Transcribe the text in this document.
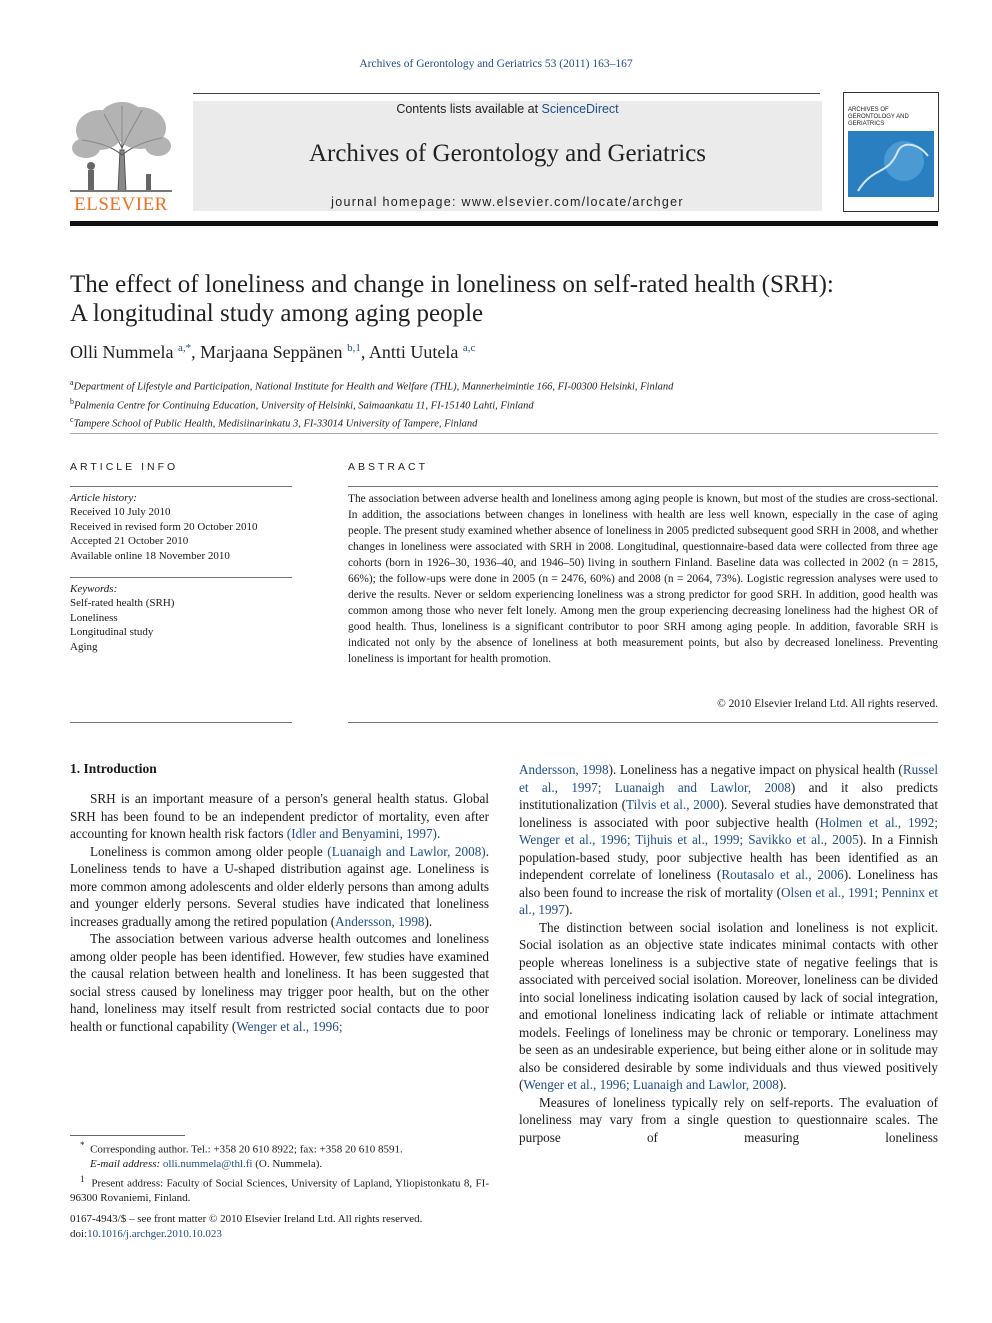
Archives of Gerontology and Geriatrics 53 (2011) 163–167
ELSEVIER
Contents lists available at ScienceDirect
Archives of Gerontology and Geriatrics
journal homepage: www.elsevier.com/locate/archger
ARCHIVES OF GERONTOLOGY AND GERIATRICS
The effect of loneliness and change in loneliness on self-rated health (SRH):
A longitudinal study among aging people
Olli Nummela $^{a,*}$, Marjaana Seppänen $^{b,1}$, Antti Uutela $^{a,c}$
$^a$Department of Lifestyle and Participation, National Institute for Health and Welfare (THL), Mannerheimintie 166, FI-00300 Helsinki, Finland
$^b$Palmenia Centre for Continuing Education, University of Helsinki, Saimaankatu 11, FI-15140 Lahti, Finland
$^c$Tampere School of Public Health, Medisiinarinkatu 3, FI-33014 University of Tampere, Finland
ARTICLE INFO
Article history:
Received 10 July 2010
Received in revised form 20 October 2010
Accepted 21 October 2010
Available online 18 November 2010
Keywords:
Self-rated health (SRH)
Loneliness
Longitudinal study
Aging
ABSTRACT
The association between adverse health and loneliness among aging people is known, but most of the studies are cross-sectional. In addition, the associations between changes in loneliness with health are less well known, especially in the case of aging people. The present study examined whether absence of loneliness in 2005 predicted subsequent good SRH in 2008, and whether changes in loneliness were associated with SRH in 2008. Longitudinal, questionnaire-based data were collected from three age cohorts (born in 1926–30, 1936–40, and 1946–50) living in southern Finland. Baseline data was collected in 2002 (n = 2815, 66%); the follow-ups were done in 2005 (n = 2476, 60%) and 2008 (n = 2064, 73%). Logistic regression analyses were used to derive the results. Never or seldom experiencing loneliness was a strong predictor for good SRH. In addition, good health was common among those who never felt lonely. Among men the group experiencing decreasing loneliness had the highest OR of good health. Thus, loneliness is a significant contributor to poor SRH among aging people. In addition, favorable SRH is indicated not only by the absence of loneliness at both measurement points, but also by decreased loneliness. Preventing loneliness is important for health promotion.
© 2010 Elsevier Ireland Ltd. All rights reserved.
1. Introduction

SRH is an important measure of a person's general health status. Global SRH has been found to be an independent predictor of mortality, even after accounting for known health risk factors (Idler and Benyamini, 1997).

Loneliness is common among older people (Luanaigh and Lawlor, 2008). Loneliness tends to have a U-shaped distribution against age. Loneliness is more common among adolescents and older elderly persons than among adults and younger elderly persons. Several studies have indicated that loneliness increases gradually among the retired population (Andersson, 1998).

The association between various adverse health outcomes and loneliness among older people has been identified. However, few studies have examined the causal relation between health and loneliness. It has been suggested that social stress caused by loneliness may trigger poor health, but on the other hand, loneliness may itself result from restricted social contacts due to poor health or functional capability (Wenger et al., 1996;

Andersson, 1998). Loneliness has a negative impact on physical health (Russel et al., 1997; Luanaigh and Lawlor, 2008) and it also predicts institutionalization (Tilvis et al., 2000). Several studies have demonstrated that loneliness is associated with poor subjective health (Holmen et al., 1992; Wenger et al., 1996; Tijhuis et al., 1999; Savikko et al., 2005). In a Finnish population-based study, poor subjective health has been identified as an independent correlate of loneliness (Routasalo et al., 2006). Loneliness has also been found to increase the risk of mortality (Olsen et al., 1991; Penninx et al., 1997).

The distinction between social isolation and loneliness is not explicit. Social isolation as an objective state indicates minimal contacts with other people whereas loneliness is a subjective state of negative feelings that is associated with perceived social isolation. Moreover, loneliness can be divided into social loneliness indicating isolation caused by lack of social integration, and emotional loneliness indicating lack of reliable or intimate attachment models. Feelings of loneliness may be chronic or temporary. Loneliness may be seen as an undesirable experience, but being either alone or in solitude may also be considered desirable by some individuals and thus viewed positively (Wenger et al., 1996; Luanaigh and Lawlor, 2008).

Measures of loneliness typically rely on self-reports. The evaluation of loneliness may vary from a single question to questionnaire scales. The purpose of measuring loneliness

* Corresponding author. Tel.: +358 20 610 8922; fax: +358 20 610 8591.
E-mail address: olli.nummela@thl.fi (O. Nummela).
$^1$ Present address: Faculty of Social Sciences, University of Lapland, Yliopistonkatu 8, FI-96300 Rovaniemi, Finland.
0167-4943/$ – see front matter © 2010 Elsevier Ireland Ltd. All rights reserved.
doi:10.1016/j.archger.2010.10.023
